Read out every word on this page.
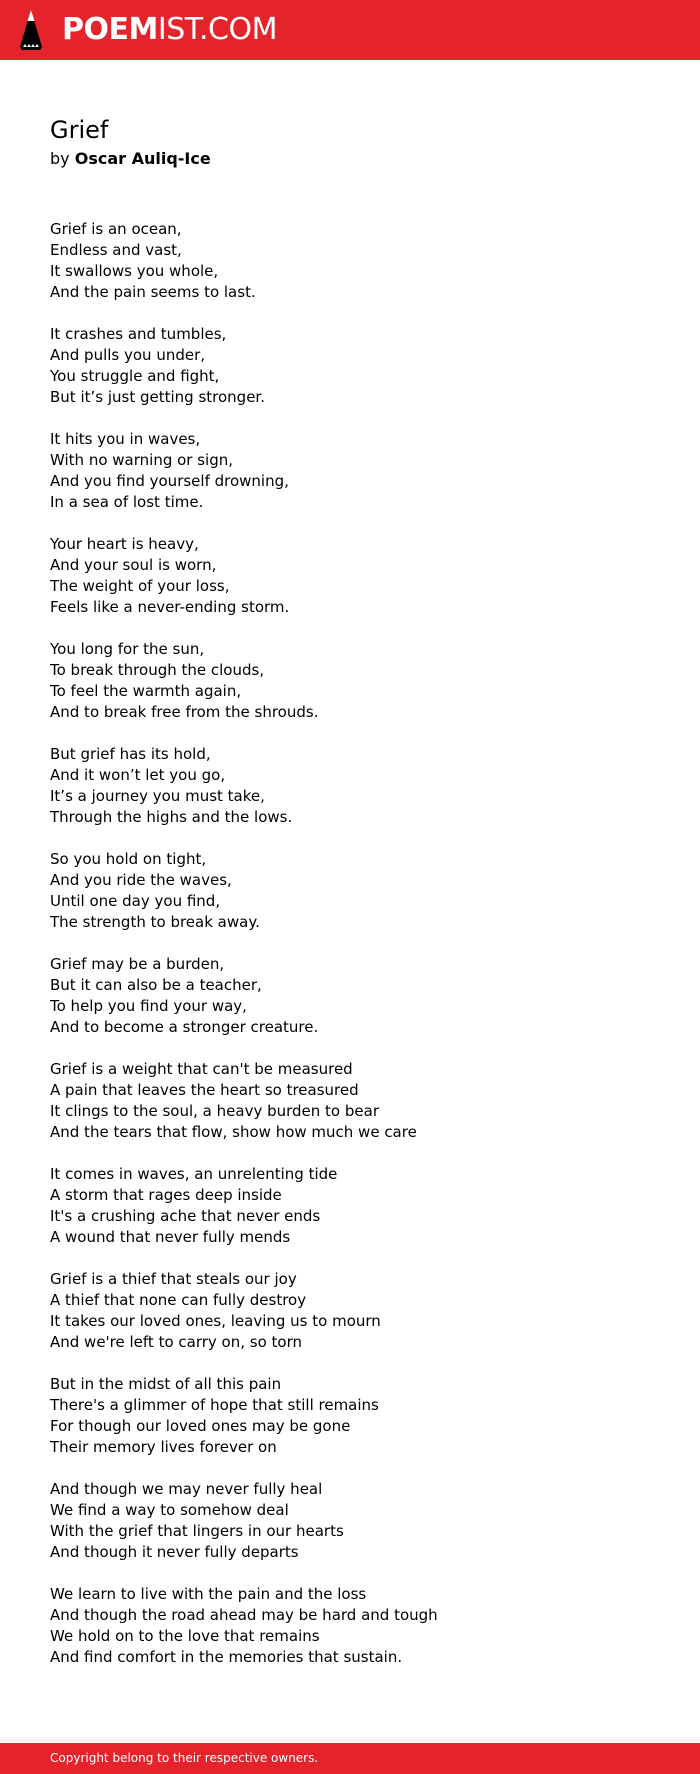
POEMIST.COM
Grief
by Oscar Auliq-Ice
Grief is an ocean,
Endless and vast,
It swallows you whole,
And the pain seems to last.
It crashes and tumbles,
And pulls you under,
You struggle and fight,
But it’s just getting stronger.
It hits you in waves,
With no warning or sign,
And you find yourself drowning,
In a sea of lost time.
Your heart is heavy,
And your soul is worn,
The weight of your loss,
Feels like a never-ending storm.
You long for the sun,
To break through the clouds,
To feel the warmth again,
And to break free from the shrouds.
But grief has its hold,
And it won’t let you go,
It’s a journey you must take,
Through the highs and the lows.
So you hold on tight,
And you ride the waves,
Until one day you find,
The strength to break away.
Grief may be a burden,
But it can also be a teacher,
To help you find your way,
And to become a stronger creature.
Grief is a weight that can't be measured
A pain that leaves the heart so treasured
It clings to the soul, a heavy burden to bear
And the tears that flow, show how much we care
It comes in waves, an unrelenting tide
A storm that rages deep inside
It's a crushing ache that never ends
A wound that never fully mends
Grief is a thief that steals our joy
A thief that none can fully destroy
It takes our loved ones, leaving us to mourn
And we're left to carry on, so torn
But in the midst of all this pain
There's a glimmer of hope that still remains
For though our loved ones may be gone
Their memory lives forever on
And though we may never fully heal
We find a way to somehow deal
With the grief that lingers in our hearts
And though it never fully departs
We learn to live with the pain and the loss
And though the road ahead may be hard and tough
We hold on to the love that remains
And find comfort in the memories that sustain.
Copyright belong to their respective owners.
